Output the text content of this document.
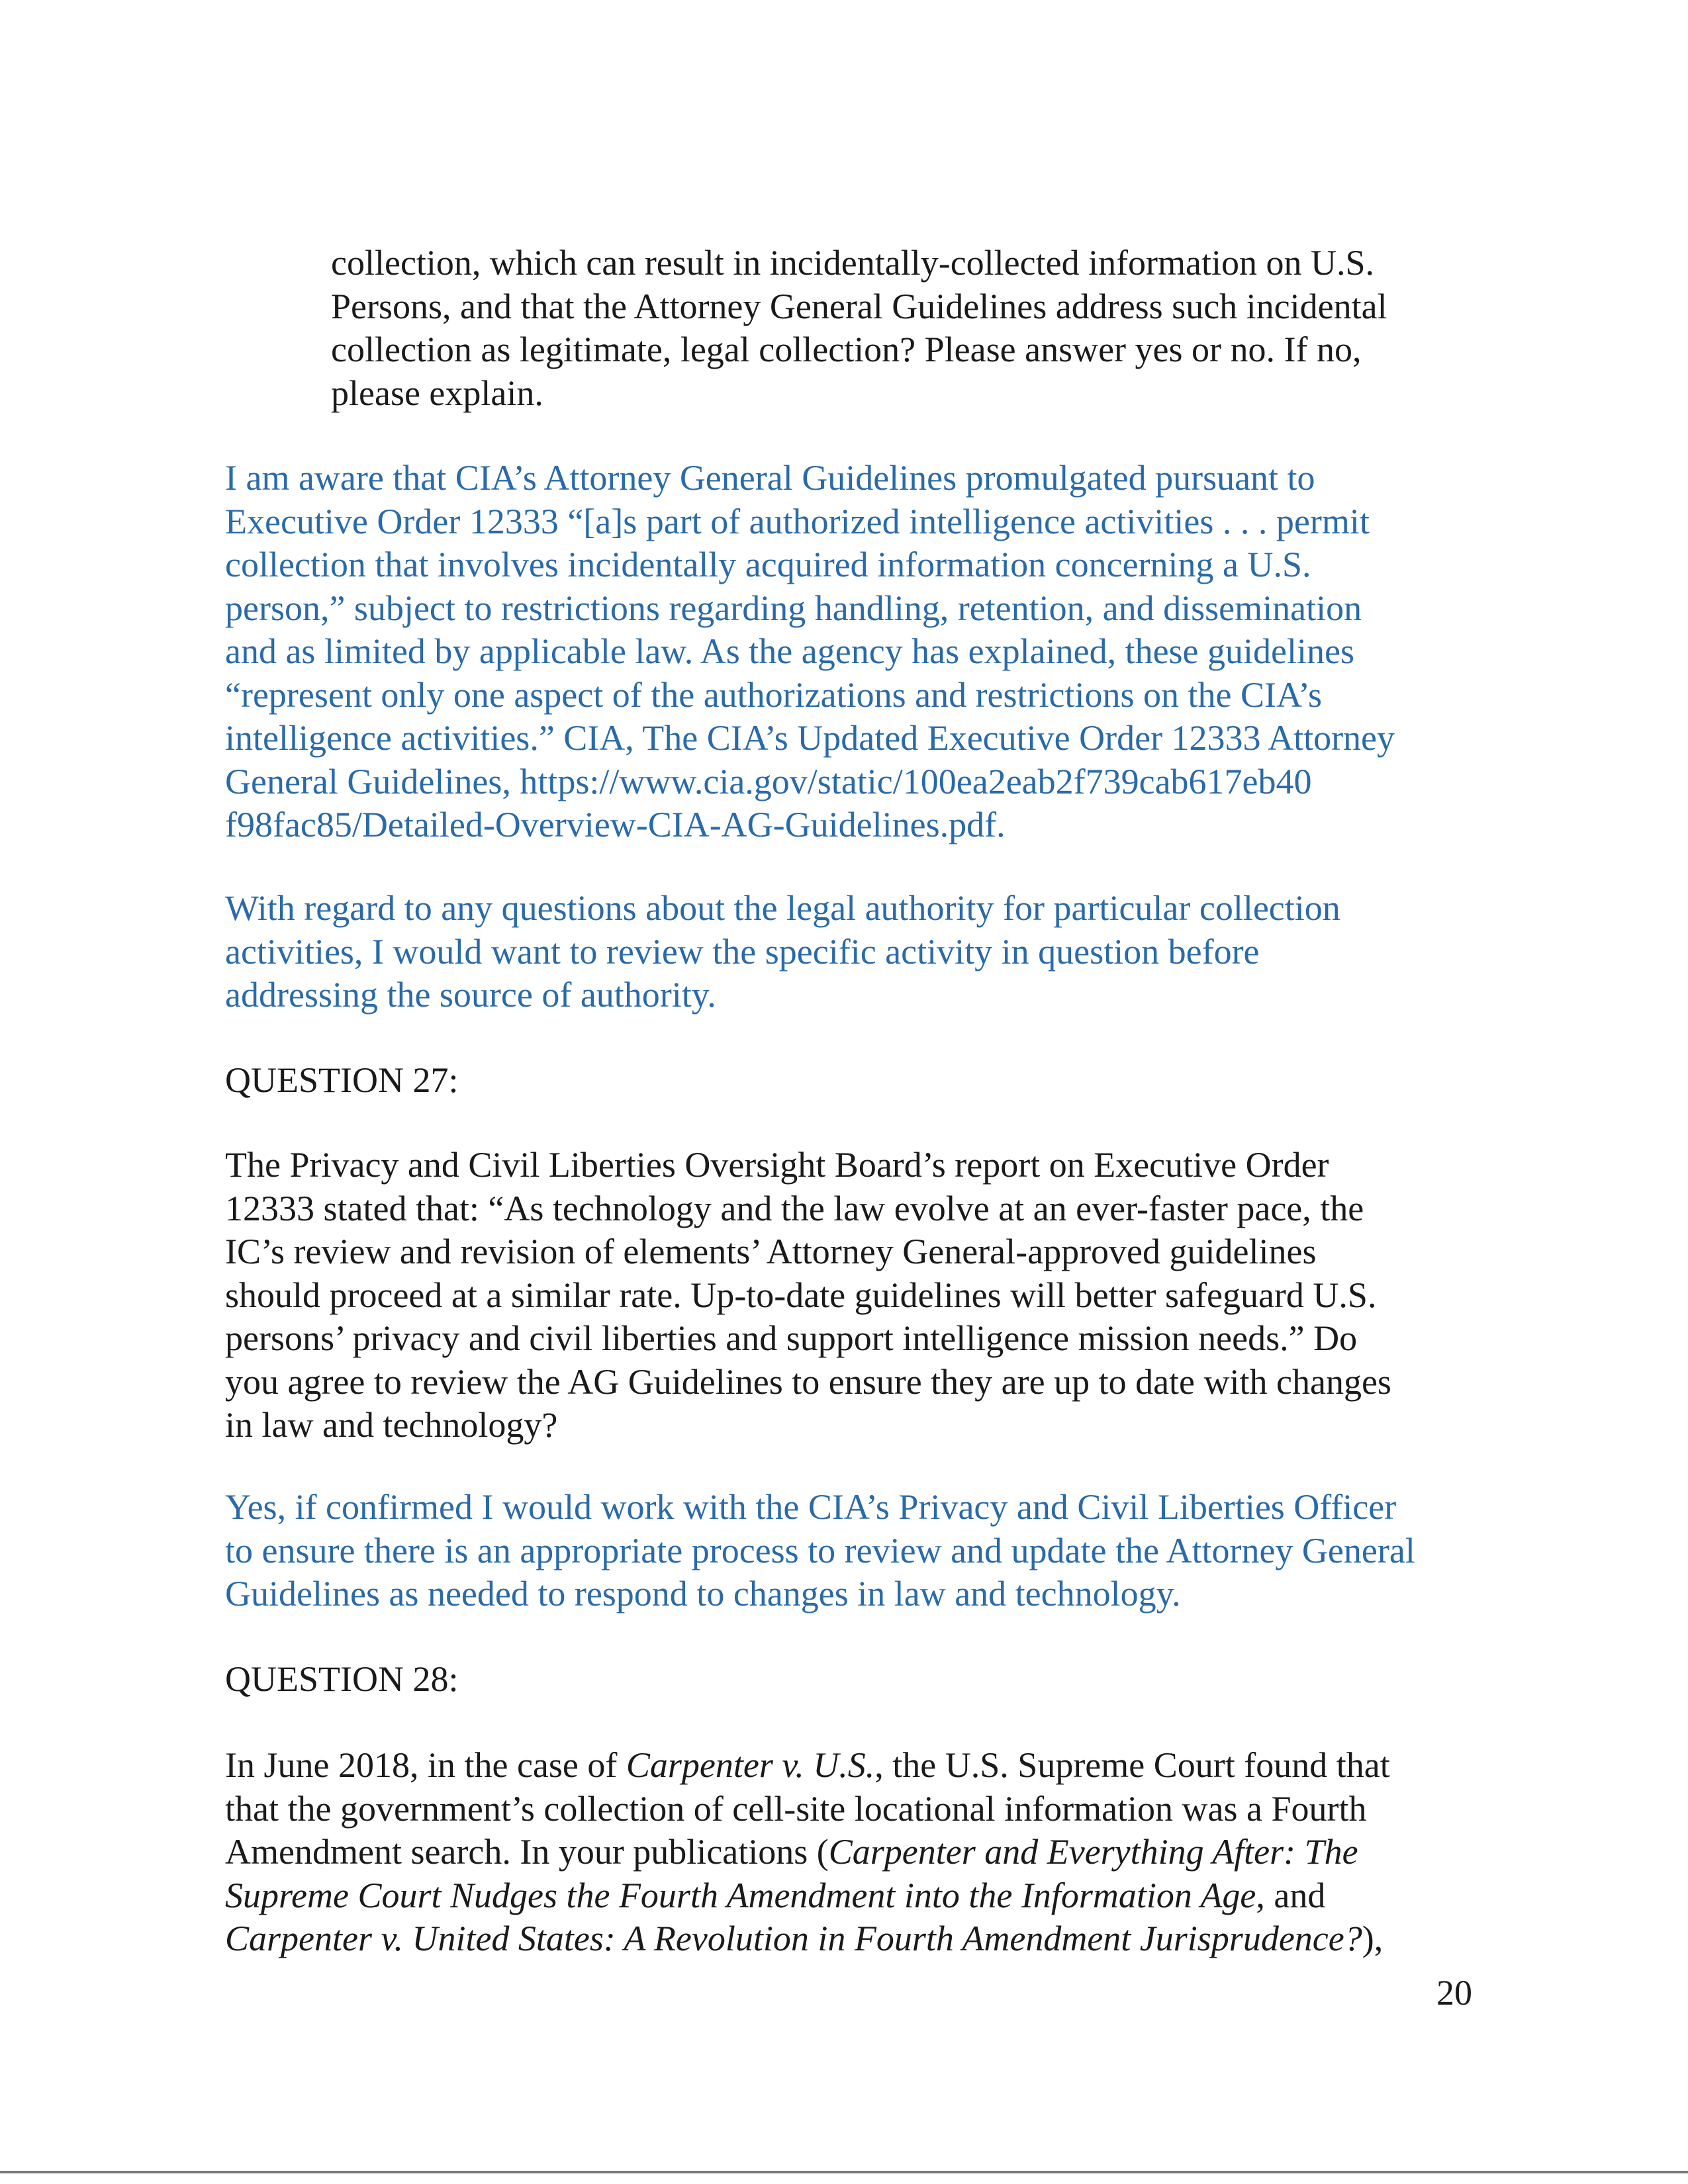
collection, which can result in incidentally-collected information on U.S.
Persons, and that the Attorney General Guidelines address such incidental
collection as legitimate, legal collection? Please answer yes or no. If no,
please explain.
I am aware that CIA’s Attorney General Guidelines promulgated pursuant to
Executive Order 12333 “[a]s part of authorized intelligence activities . . . permit
collection that involves incidentally acquired information concerning a U.S.
person,” subject to restrictions regarding handling, retention, and dissemination
and as limited by applicable law. As the agency has explained, these guidelines
“represent only one aspect of the authorizations and restrictions on the CIA’s
intelligence activities.” CIA, The CIA’s Updated Executive Order 12333 Attorney
General Guidelines, https://www.cia.gov/static/100ea2eab2f739cab617eb40
f98fac85/Detailed-Overview-CIA-AG-Guidelines.pdf.
With regard to any questions about the legal authority for particular collection
activities, I would want to review the specific activity in question before
addressing the source of authority.
QUESTION 27:
The Privacy and Civil Liberties Oversight Board’s report on Executive Order
12333 stated that: “As technology and the law evolve at an ever-faster pace, the
IC’s review and revision of elements’ Attorney General-approved guidelines
should proceed at a similar rate. Up-to-date guidelines will better safeguard U.S.
persons’ privacy and civil liberties and support intelligence mission needs.” Do
you agree to review the AG Guidelines to ensure they are up to date with changes
in law and technology?
Yes, if confirmed I would work with the CIA’s Privacy and Civil Liberties Officer
to ensure there is an appropriate process to review and update the Attorney General
Guidelines as needed to respond to changes in law and technology.
QUESTION 28:
In June 2018, in the case of Carpenter v. U.S., the U.S. Supreme Court found that
that the government’s collection of cell-site locational information was a Fourth
Amendment search. In your publications (Carpenter and Everything After: The
Supreme Court Nudges the Fourth Amendment into the Information Age, and
Carpenter v. United States: A Revolution in Fourth Amendment Jurisprudence?),
20
